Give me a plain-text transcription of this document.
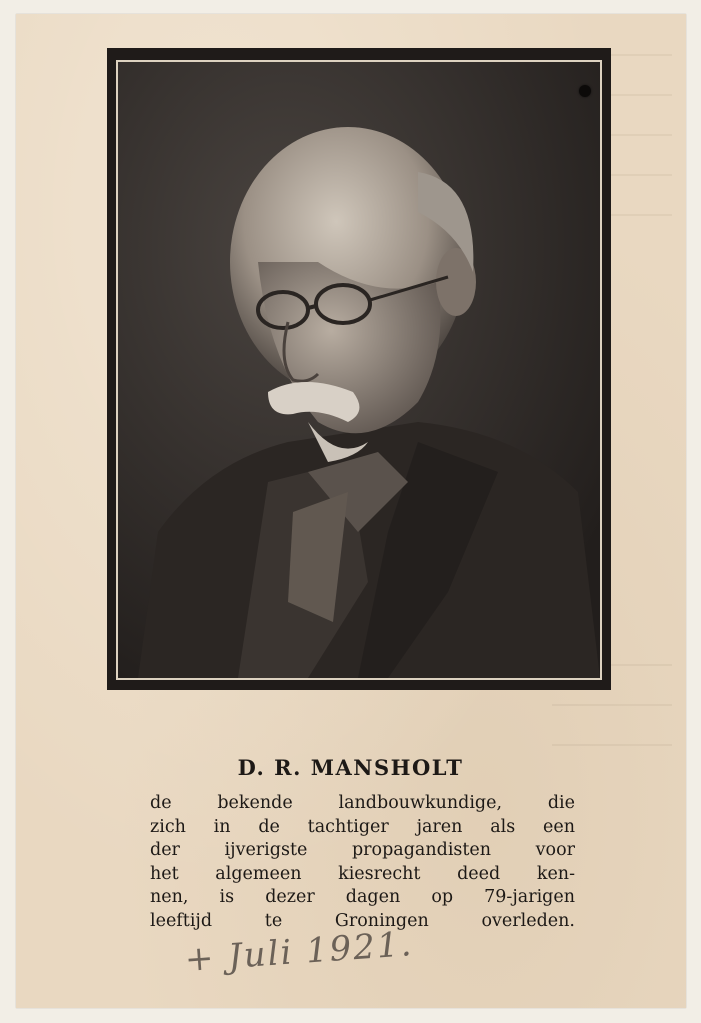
D. R. MANSHOLT
de bekende landbouwkundige, die
zich in de tachtiger jaren als een
der ijverigste propagandisten voor
het algemeen kiesrecht deed ken-
nen, is dezer dagen op 79-jarigen
leeftijd te Groningen overleden.
+ Juli 1921.
